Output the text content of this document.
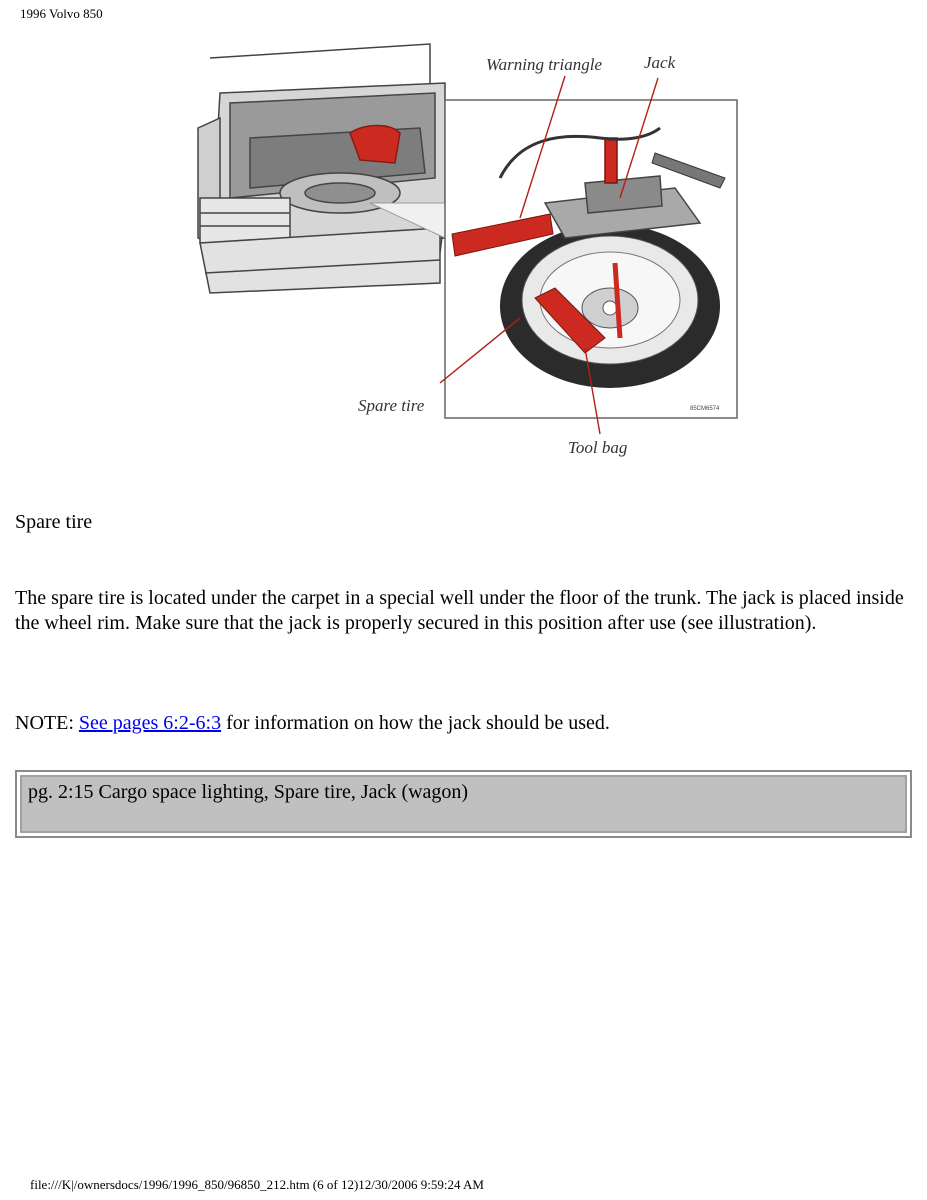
1996 Volvo 850
85CM6574
Warning triangle Jack
Spare tire
Tool bag
Spare tire
The spare tire is located under the carpet in a special well under the floor of the trunk. The jack is placed inside the wheel rim. Make sure that the jack is properly secured in this position after use (see illustration).
NOTE: See pages 6:2-6:3 for information on how the jack should be used.
pg. 2:15 Cargo space lighting, Spare tire, Jack (wagon)
file:///K|/ownersdocs/1996/1996_850/96850_212.htm (6 of 12)12/30/2006 9:59:24 AM
